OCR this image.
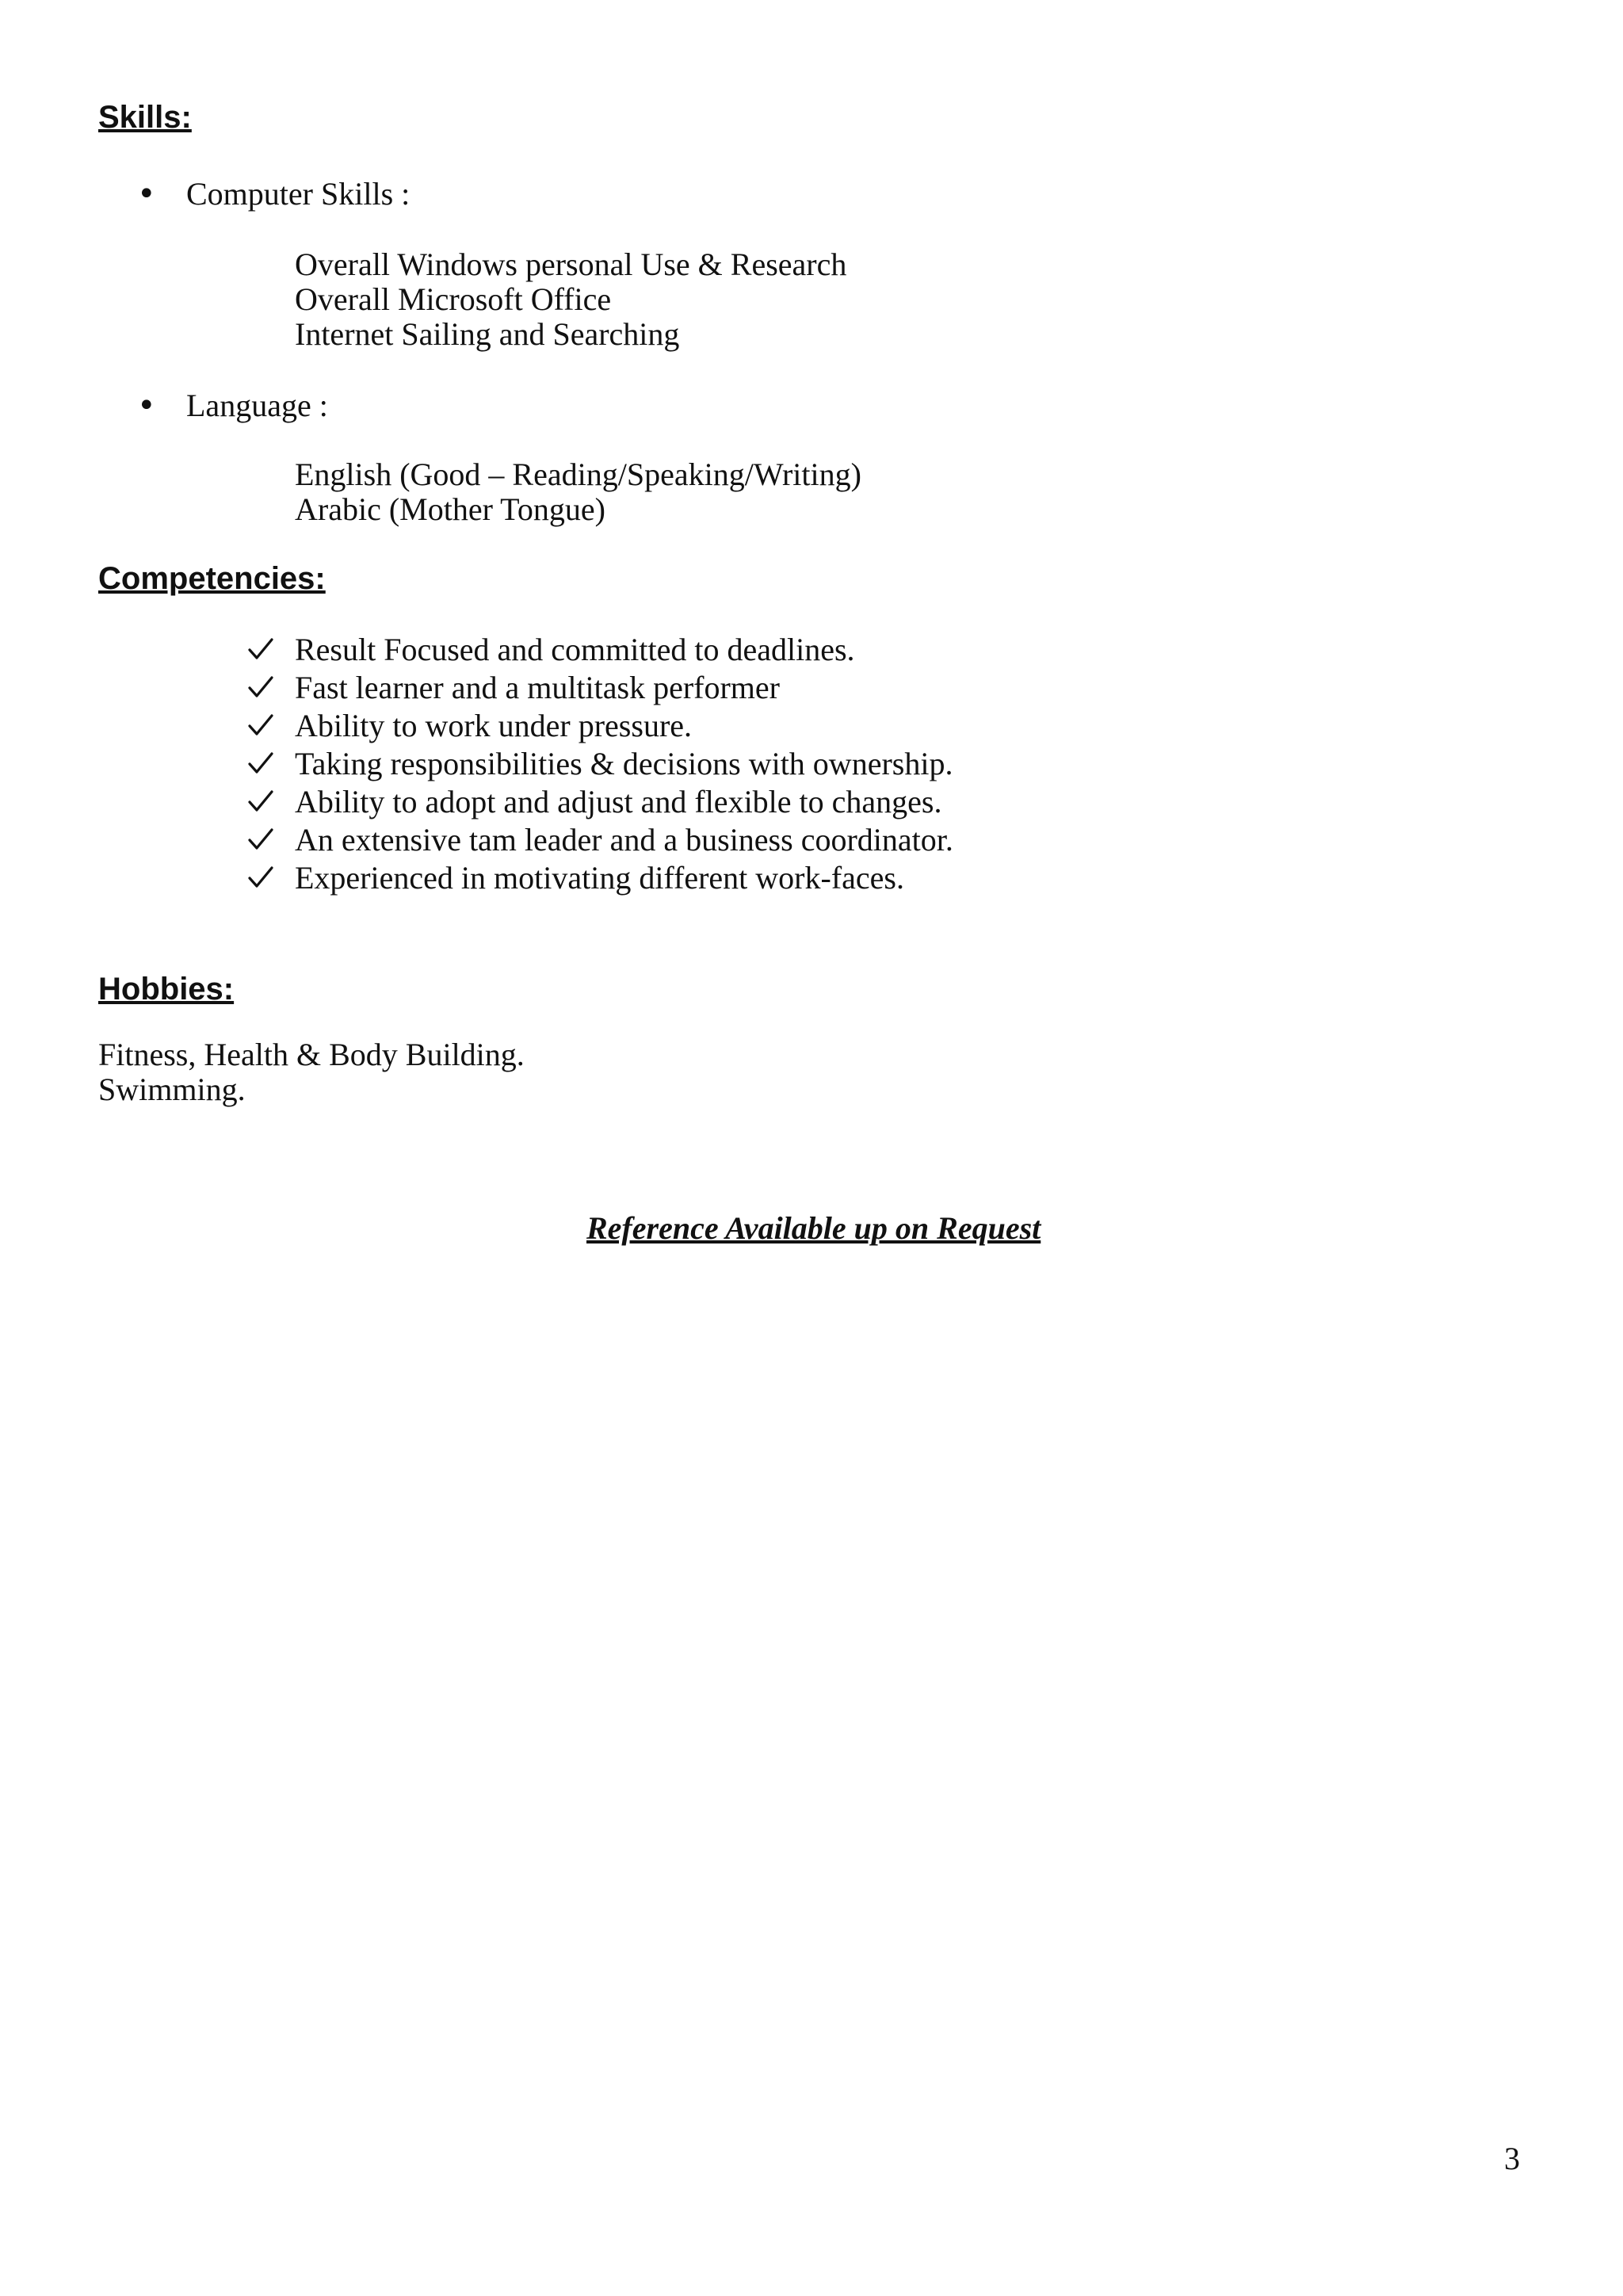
Skills:
• Computer Skills :
Overall Windows personal Use & Research
Overall Microsoft Office
Internet Sailing and Searching
• Language :
English (Good – Reading/Speaking/Writing)
Arabic (Mother Tongue)
Competencies:
Result Focused and committed to deadlines.
Fast learner and a multitask performer
Ability to work under pressure.
Taking responsibilities & decisions with ownership.
Ability to adopt and adjust and flexible to changes.
An extensive tam leader and a business coordinator.
Experienced in motivating different work-faces.
Hobbies:
Fitness, Health & Body Building.
Swimming.
Reference Available up on Request
3
